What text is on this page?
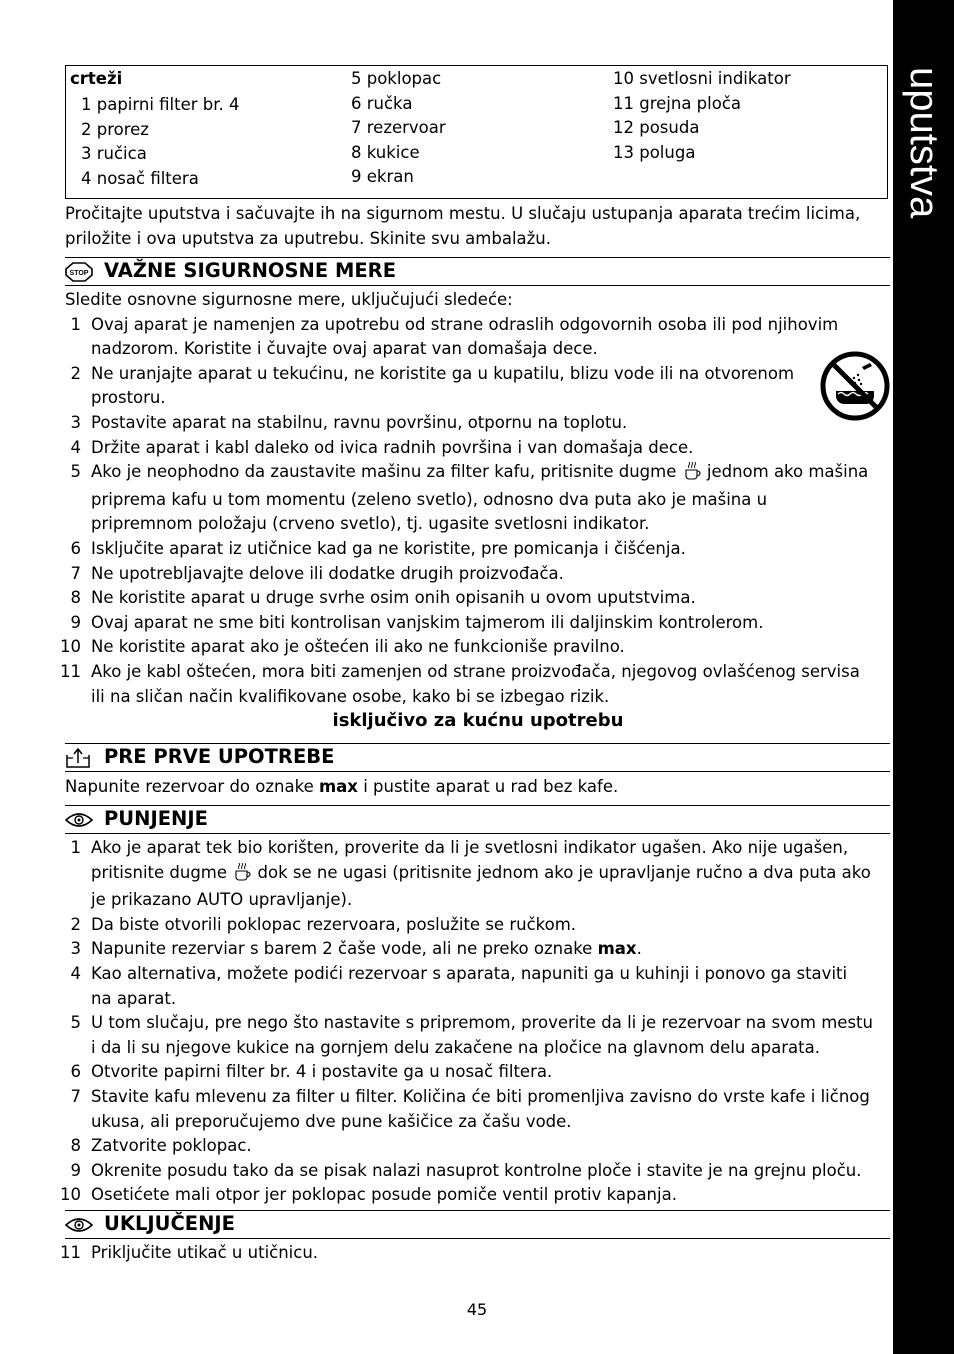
uputstva
crteži
1 papirni filter br. 4
2 prorez
3 ručica
4 nosač filtera
5 poklopac
6 ručka
7 rezervoar
8 kukice
9 ekran
10 svetlosni indikator
11 grejna ploča
12 posuda
13 poluga
Pročitajte uputstva i sačuvajte ih na sigurnom mestu. U slučaju ustupanja aparata trećim licima,
priložite i ova uputstva za uputrebu. Skinite svu ambalažu.
STOP VAŽNE SIGURNOSNE MERE
Sledite osnovne sigurnosne mere, uključujući sledeće:
1 Ovaj aparat je namenjen za upotrebu od strane odraslih odgovornih osoba ili pod njihovim
nadzorom. Koristite i čuvajte ovaj aparat van domašaja dece.
2 Ne uranjajte aparat u tekućinu, ne koristite ga u kupatilu, blizu vode ili na otvorenom
prostoru.
3 Postavite aparat na stabilnu, ravnu površinu, otpornu na toplotu.
4 Držite aparat i kabl daleko od ivica radnih površina i van domašaja dece.
5 Ako je neophodno da zaustavite mašinu za filter kafu, pritisnite dugme jednom ako mašina
priprema kafu u tom momentu (zeleno svetlo), odnosno dva puta ako je mašina u
pripremnom položaju (crveno svetlo), tj. ugasite svetlosni indikator.
6 Isključite aparat iz utičnice kad ga ne koristite, pre pomicanja i čišćenja.
7 Ne upotrebljavajte delove ili dodatke drugih proizvođača.
8 Ne koristite aparat u druge svrhe osim onih opisanih u ovom uputstvima.
9 Ovaj aparat ne sme biti kontrolisan vanjskim tajmerom ili daljinskim kontrolerom.
10 Ne koristite aparat ako je oštećen ili ako ne funkcioniše pravilno.
11 Ako je kabl oštećen, mora biti zamenjen od strane proizvođača, njegovog ovlašćenog servisa
ili na sličan način kvalifikovane osobe, kako bi se izbegao rizik.
isključivo za kućnu upotrebu
PRE PRVE UPOTREBE
Napunite rezervoar do oznake max i pustite aparat u rad bez kafe.
PUNJENJE
1 Ako je aparat tek bio korišten, proverite da li je svetlosni indikator ugašen. Ako nije ugašen,
pritisnite dugme dok se ne ugasi (pritisnite jednom ako je upravljanje ručno a dva puta ako
je prikazano AUTO upravljanje).
2 Da biste otvorili poklopac rezervoara, poslužite se ručkom.
3 Napunite rezerviar s barem 2 čaše vode, ali ne preko oznake max.
4 Kao alternativa, možete podići rezervoar s aparata, napuniti ga u kuhinji i ponovo ga staviti
na aparat.
5 U tom slučaju, pre nego što nastavite s pripremom, proverite da li je rezervoar na svom mestu
i da li su njegove kukice na gornjem delu zakačene na pločice na glavnom delu aparata.
6 Otvorite papirni filter br. 4 i postavite ga u nosač filtera.
7 Stavite kafu mlevenu za filter u filter. Količina će biti promenljiva zavisno do vrste kafe i ličnog
ukusa, ali preporučujemo dve pune kašičice za čašu vode.
8 Zatvorite poklopac.
9 Okrenite posudu tako da se pisak nalazi nasuprot kontrolne ploče i stavite je na grejnu ploču.
10 Osetićete mali otpor jer poklopac posude pomiče ventil protiv kapanja.
UKLJUČENJE
11 Priključite utikač u utičnicu.
45
